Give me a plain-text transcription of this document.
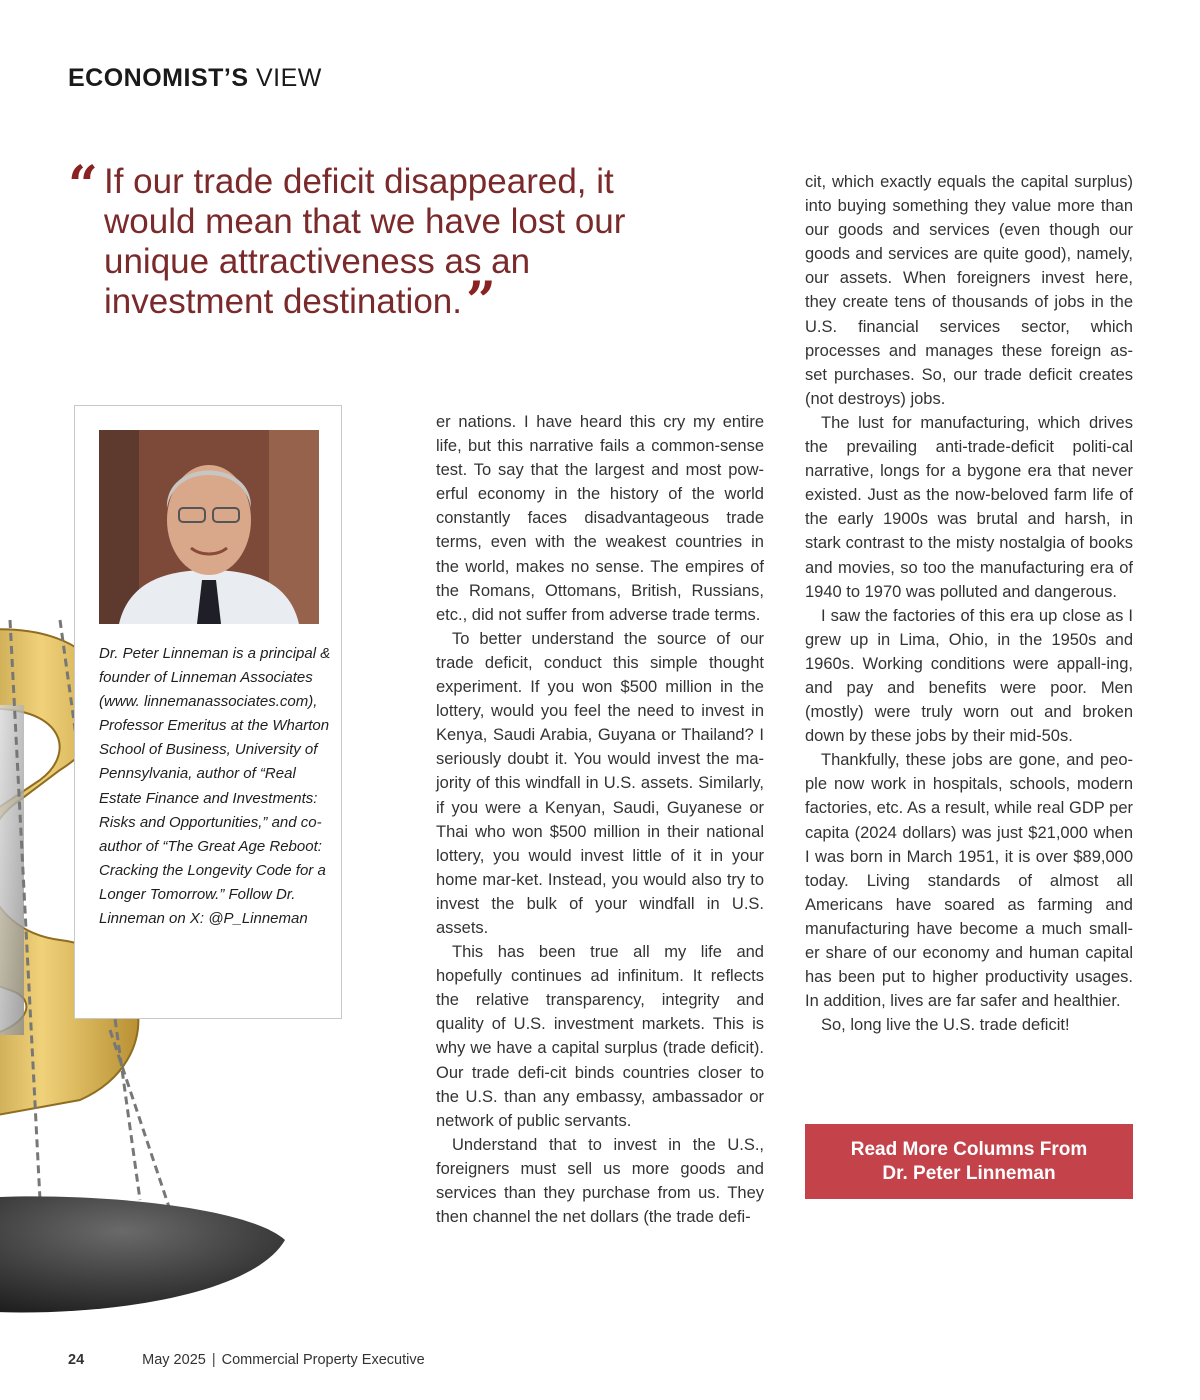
ECONOMIST’S VIEW
“ If our trade deficit disappeared, it would mean that we have lost our unique attractiveness as an investment destination.”
Dr. Peter Linneman is a principal & founder of Linneman Associates (www. linnemanassociates.com), Professor Emeritus at the Wharton School of Business, University of Pennsylvania, author of “Real Estate Finance and Investments: Risks and Opportunities,” and co-author of “The Great Age Reboot: Cracking the Longevity Code for a Longer Tomorrow.” Follow Dr. Linneman on X: @P_Linneman

er nations. I have heard this cry my entire life, but this narrative fails a common-sense test. To say that the largest and most pow-erful economy in the history of the world constantly faces disadvantageous trade terms, even with the weakest countries in the world, makes no sense. The empires of the Romans, Ottomans, British, Russians, etc., did not suffer from adverse trade terms.

To better understand the source of our trade deficit, conduct this simple thought experiment. If you won $500 million in the lottery, would you feel the need to invest in Kenya, Saudi Arabia, Guyana or Thailand? I seriously doubt it. You would invest the ma-jority of this windfall in U.S. assets. Similarly, if you were a Kenyan, Saudi, Guyanese or Thai who won $500 million in their national lottery, you would invest little of it in your home mar-ket. Instead, you would also try to invest the bulk of your windfall in U.S. assets.

This has been true all my life and hopefully continues ad infinitum. It reflects the relative transparency, integrity and quality of U.S. investment markets. This is why we have a capital surplus (trade deficit). Our trade defi-cit binds countries closer to the U.S. than any embassy, ambassador or network of public servants.

Understand that to invest in the U.S., foreigners must sell us more goods and services than they purchase from us. They then channel the net dollars (the trade defi-

cit, which exactly equals the capital surplus) into buying something they value more than our goods and services (even though our goods and services are quite good), namely, our assets. When foreigners invest here, they create tens of thousands of jobs in the U.S. financial services sector, which processes and manages these foreign as-set purchases. So, our trade deficit creates (not destroys) jobs.

The lust for manufacturing, which drives the prevailing anti-trade-deficit politi-cal narrative, longs for a bygone era that never existed. Just as the now-beloved farm life of the early 1900s was brutal and harsh, in stark contrast to the misty nostalgia of books and movies, so too the manufacturing era of 1940 to 1970 was polluted and dangerous.

I saw the factories of this era up close as I grew up in Lima, Ohio, in the 1950s and 1960s. Working conditions were appall-ing, and pay and benefits were poor. Men (mostly) were truly worn out and broken down by these jobs by their mid-50s.

Thankfully, these jobs are gone, and peo-ple now work in hospitals, schools, modern factories, etc. As a result, while real GDP per capita (2024 dollars) was just $21,000 when I was born in March 1951, it is over $89,000 today. Living standards of almost all Americans have soared as farming and manufacturing have become a much small-er share of our economy and human capital has been put to higher productivity usages. In addition, lives are far safer and healthier.

So, long live the U.S. trade deficit!

Read More Columns From
Dr. Peter Linneman
24	May 2025 | Commercial Property Executive
